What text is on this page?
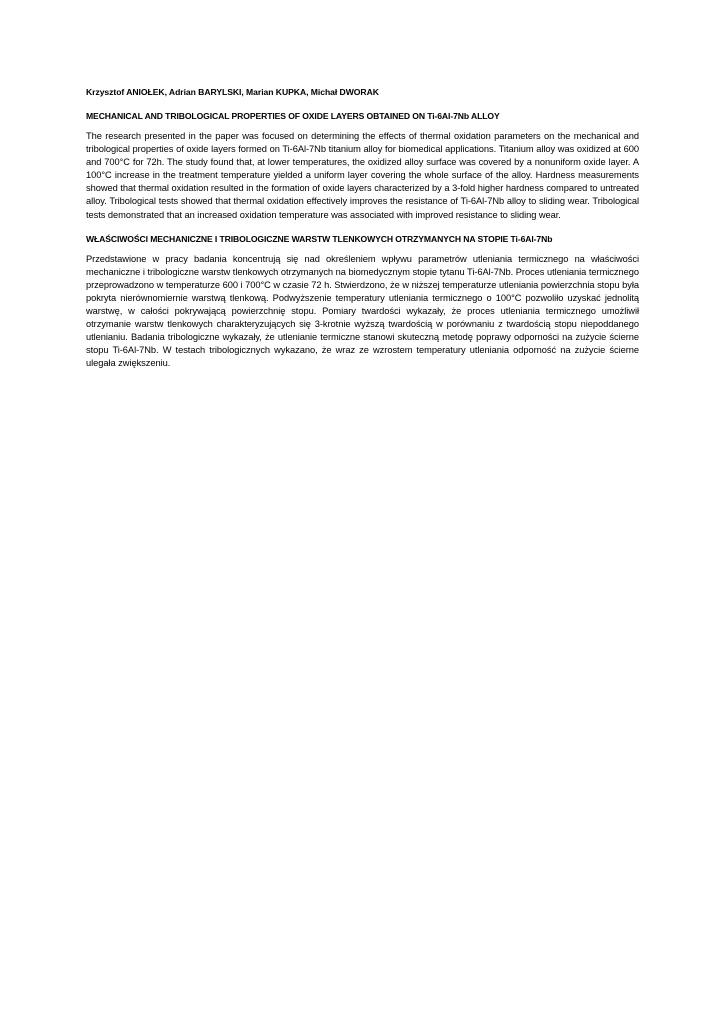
Krzysztof ANIOŁEK, Adrian BARYLSKI, Marian KUPKA, Michał DWORAK

MECHANICAL AND TRIBOLOGICAL PROPERTIES OF OXIDE LAYERS OBTAINED ON Ti-6Al-7Nb ALLOY

The research presented in the paper was focused on determining the effects of thermal oxidation parameters on the mechanical and tribological properties of oxide layers formed on Ti-6Al-7Nb titanium alloy for biomedical applications. Titanium alloy was oxidized at 600 and 700°C for 72h. The study found that, at lower temperatures, the oxidized alloy surface was covered by a nonuniform oxide layer. A 100°C increase in the treatment temperature yielded a uniform layer covering the whole surface of the alloy. Hardness measurements showed that thermal oxidation resulted in the formation of oxide layers characterized by a 3-fold higher hardness compared to untreated alloy. Tribological tests showed that thermal oxidation effectively improves the resistance of Ti-6Al-7Nb alloy to sliding wear. Tribological tests demonstrated that an increased oxidation temperature was associated with improved resistance to sliding wear.

WŁAŚCIWOŚCI MECHANICZNE I TRIBOLOGICZNE WARSTW TLENKOWYCH OTRZYMANYCH NA STOPIE Ti-6Al-7Nb

Przedstawione w pracy badania koncentrują się nad określeniem wpływu parametrów utleniania termicznego na właściwości mechaniczne i tribologiczne warstw tlenkowych otrzymanych na biomedycznym stopie tytanu Ti-6Al-7Nb. Proces utleniania termicznego przeprowadzono w temperaturze 600 i 700°C w czasie 72 h. Stwierdzono, że w niższej temperaturze utleniania powierzchnia stopu była pokryta nierównomiernie warstwą tlenkową. Podwyższenie temperatury utleniania termicznego o 100°C pozwoliło uzyskać jednolitą warstwę, w całości pokrywającą powierzchnię stopu. Pomiary twardości wykazały, że proces utleniania termicznego umożliwił otrzymanie warstw tlenkowych charakteryzujących się 3-krotnie wyższą twardością w porównaniu z twardością stopu niepoddanego utlenianiu. Badania tribologiczne wykazały, że utlenianie termiczne stanowi skuteczną metodę poprawy odporności na zużycie ścierne stopu Ti-6Al-7Nb. W testach tribologicznych wykazano, że wraz ze wzrostem temperatury utleniania odporność na zużycie ścierne ulegała zwiększeniu.
